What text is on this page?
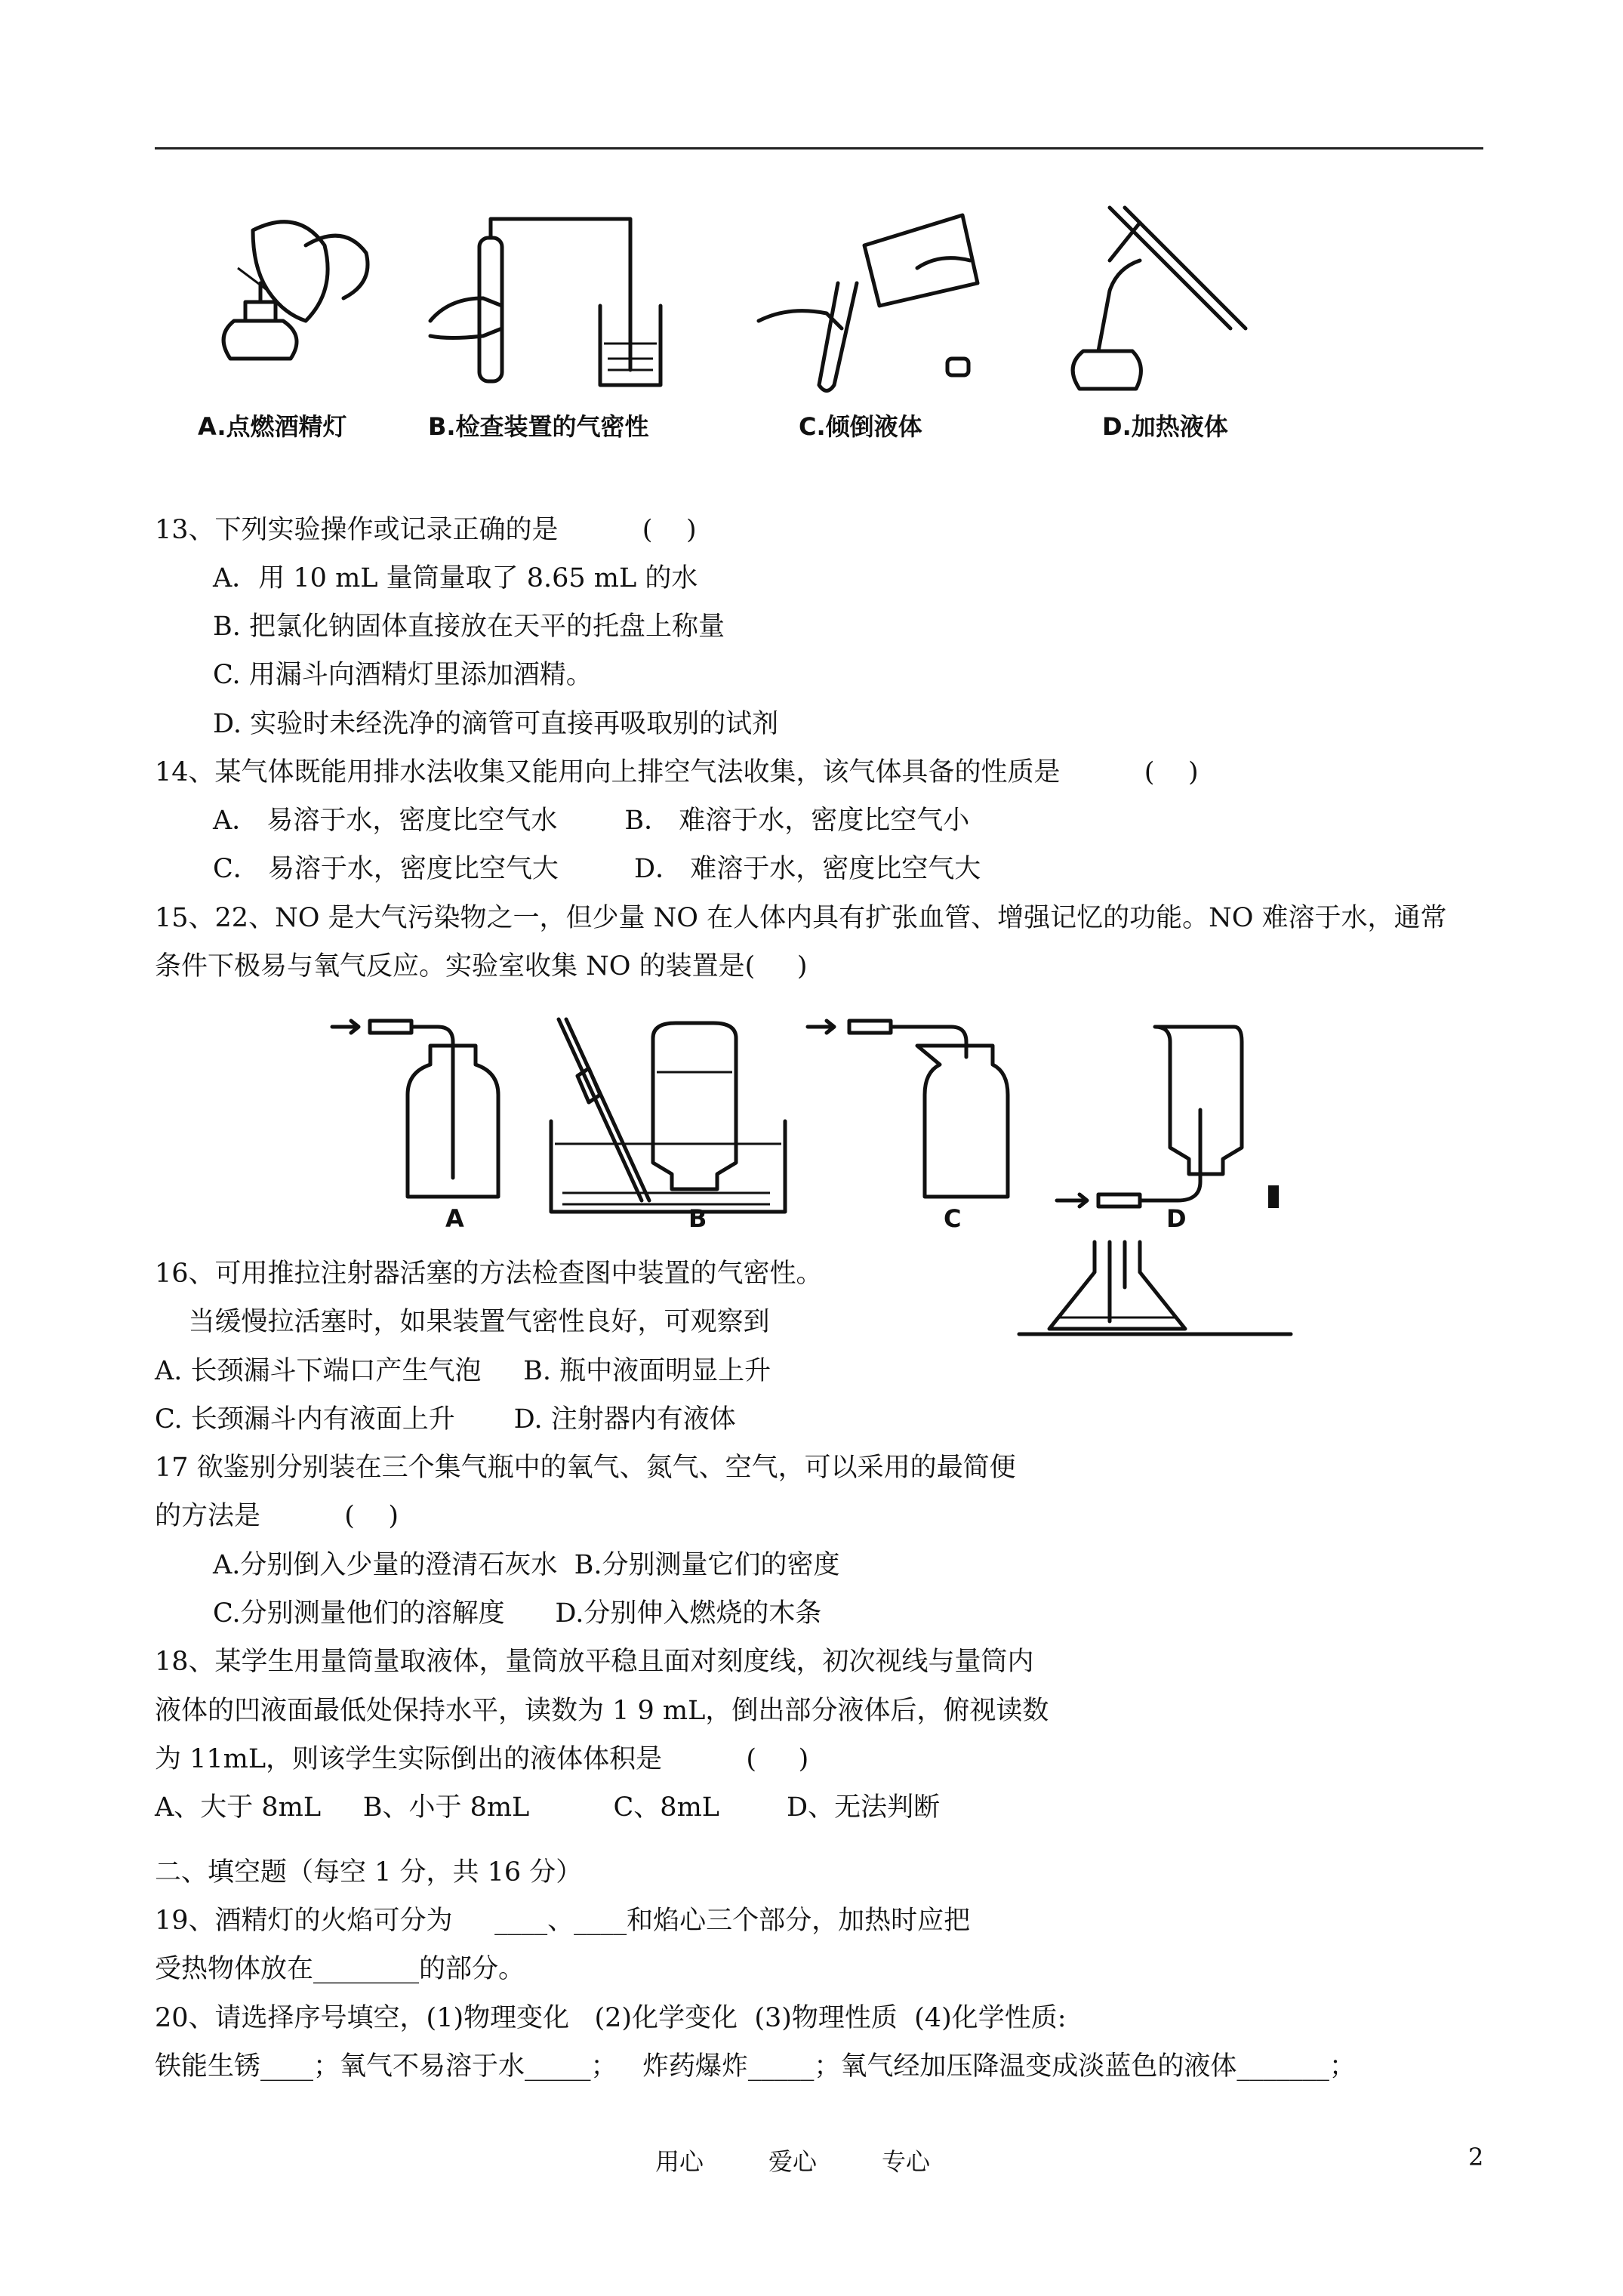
A.点燃酒精灯	B.检查装置的气密性	C.倾倒液体	D.加热液体
13、下列实验操作或记录正确的是          (    )
A．用 10 mL 量筒量取了 8.65 mL 的水
B. 把氯化钠固体直接放在天平的托盘上称量
C. 用漏斗向酒精灯里添加酒精。
D. 实验时未经洗净的滴管可直接再吸取别的试剂
14、某气体既能用排水法收集又能用向上排空气法收集，该气体具备的性质是          (    )
A． 易溶于水，密度比空气水        B． 难溶于水，密度比空气小
C． 易溶于水，密度比空气大         D． 难溶于水，密度比空气大
15、22、NO 是大气污染物之一，但少量 NO 在人体内具有扩张血管、增强记忆的功能。NO 难溶于水，通常
条件下极易与氧气反应。实验室收集 NO 的装置是(     )
A	B	C	D
16、可用推拉注射器活塞的方法检查图中装置的气密性。
当缓慢拉活塞时，如果装置气密性良好，可观察到
A. 长颈漏斗下端口产生气泡     B. 瓶中液面明显上升
C. 长颈漏斗内有液面上升       D. 注射器内有液体
17 欲鉴别分别装在三个集气瓶中的氧气、氮气、空气，可以采用的最简便
的方法是          (    )
A.分别倒入少量的澄清石灰水  B.分别测量它们的密度
C.分别测量他们的溶解度      D.分别伸入燃烧的木条
18、某学生用量筒量取液体，量筒放平稳且面对刻度线，初次视线与量筒内
液体的凹液面最低处保持水平，读数为 1 9 mL，倒出部分液体后，俯视读数
为 11mL，则该学生实际倒出的液体体积是          (     )
A、大于 8mL     B、小于 8mL          C、8mL        D、无法判断
二、填空题（每空 1 分，共 16 分）
19、酒精灯的火焰可分为     ____、____和焰心三个部分，加热时应把
受热物体放在________的部分。
20、请选择序号填空，(1)物理变化   (2)化学变化  (3)物理性质  (4)化学性质:
铁能生锈____；氧气不易溶于水_____；   炸药爆炸_____；氧气经加压降温变成淡蓝色的液体_______；
用心	爱心	专心	2
